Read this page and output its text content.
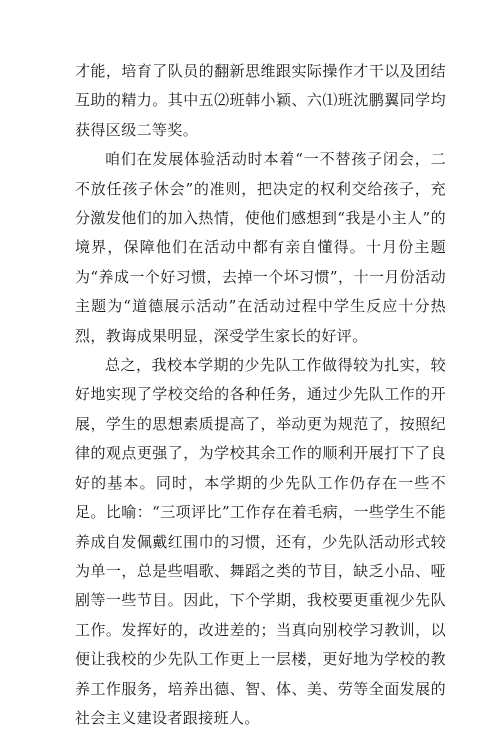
才能，培育了队员的翻新思维跟实际操作才干以及团结互助的精力。其中五⑵班韩小颖、六⑴班沈鹏翼同学均获得区级二等奖。

咱们在发展体验活动时本着“一不替孩子闭会，二不放任孩子休会”的准则，把决定的权利交给孩子，充分激发他们的加入热情，使他们感想到“我是小主人”的境界，保障他们在活动中都有亲自懂得。十月份主题为“养成一个好习惯，去掉一个坏习惯”，十一月份活动主题为“道德展示活动”在活动过程中学生反应十分热烈，教诲成果明显，深受学生家长的好评。

总之，我校本学期的少先队工作做得较为扎实，较好地实现了学校交给的各种任务，通过少先队工作的开展，学生的思想素质提高了，举动更为规范了，按照纪律的观点更强了，为学校其余工作的顺利开展打下了良好的基本。同时，本学期的少先队工作仍存在一些不足。比喻：“三项评比”工作存在着毛病，一些学生不能养成自发佩戴红围巾的习惯，还有，少先队活动形式较为单一，总是些唱歌、舞蹈之类的节目，缺乏小品、哑剧等一些节目。因此，下个学期，我校要更重视少先队工作。发挥好的，改进差的；当真向别校学习教训，以便让我校的少先队工作更上一层楼，更好地为学校的教养工作服务，培养出德、智、体、美、劳等全面发展的社会主义建设者跟接班人。
